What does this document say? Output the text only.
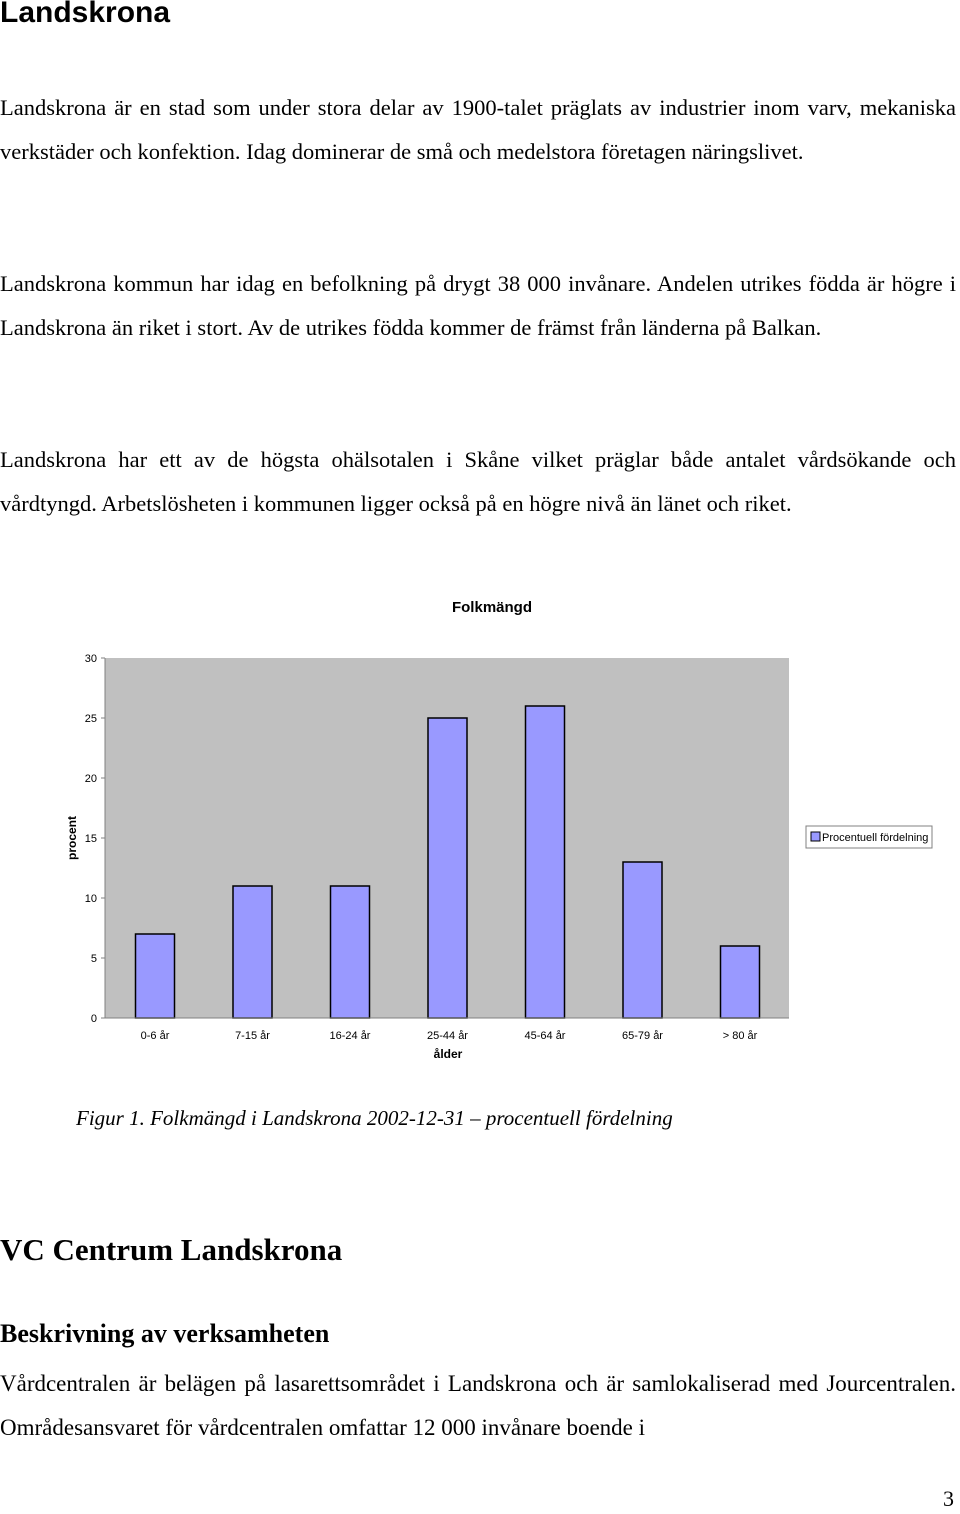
Landskrona

Landskrona är en stad som under stora delar av 1900-talet präglats av industrier inom varv, mekaniska verkstäder och konfektion. Idag dominerar de små och medelstora företagen näringslivet.

Landskrona kommun har idag en befolkning på drygt 38 000 invånare. Andelen utrikes födda är högre i Landskrona än riket i stort. Av de utrikes födda kommer de främst från länderna på Balkan.

Landskrona har ett av de högsta ohälsotalen i Skåne vilket präglar både antalet vårdsökande och vårdtyngd. Arbetslösheten i kommunen ligger också på en högre nivå än länet och riket.

Folkmängd
0
5
10
15
20
25
30
0-6 år	7-15 år	16-24 år	25-44 år	45-64 år	65-79 år	> 80 år
procent
ålder
Procentuell fördelning

Figur 1. Folkmängd i Landskrona 2002-12-31 – procentuell fördelning

VC Centrum Landskrona
Beskrivning av verksamheten

Vårdcentralen är belägen på lasarettsområdet i Landskrona och är samlokaliserad med Jourcentralen. Områdesansvaret för vårdcentralen omfattar 12 000 invånare boende i

3
